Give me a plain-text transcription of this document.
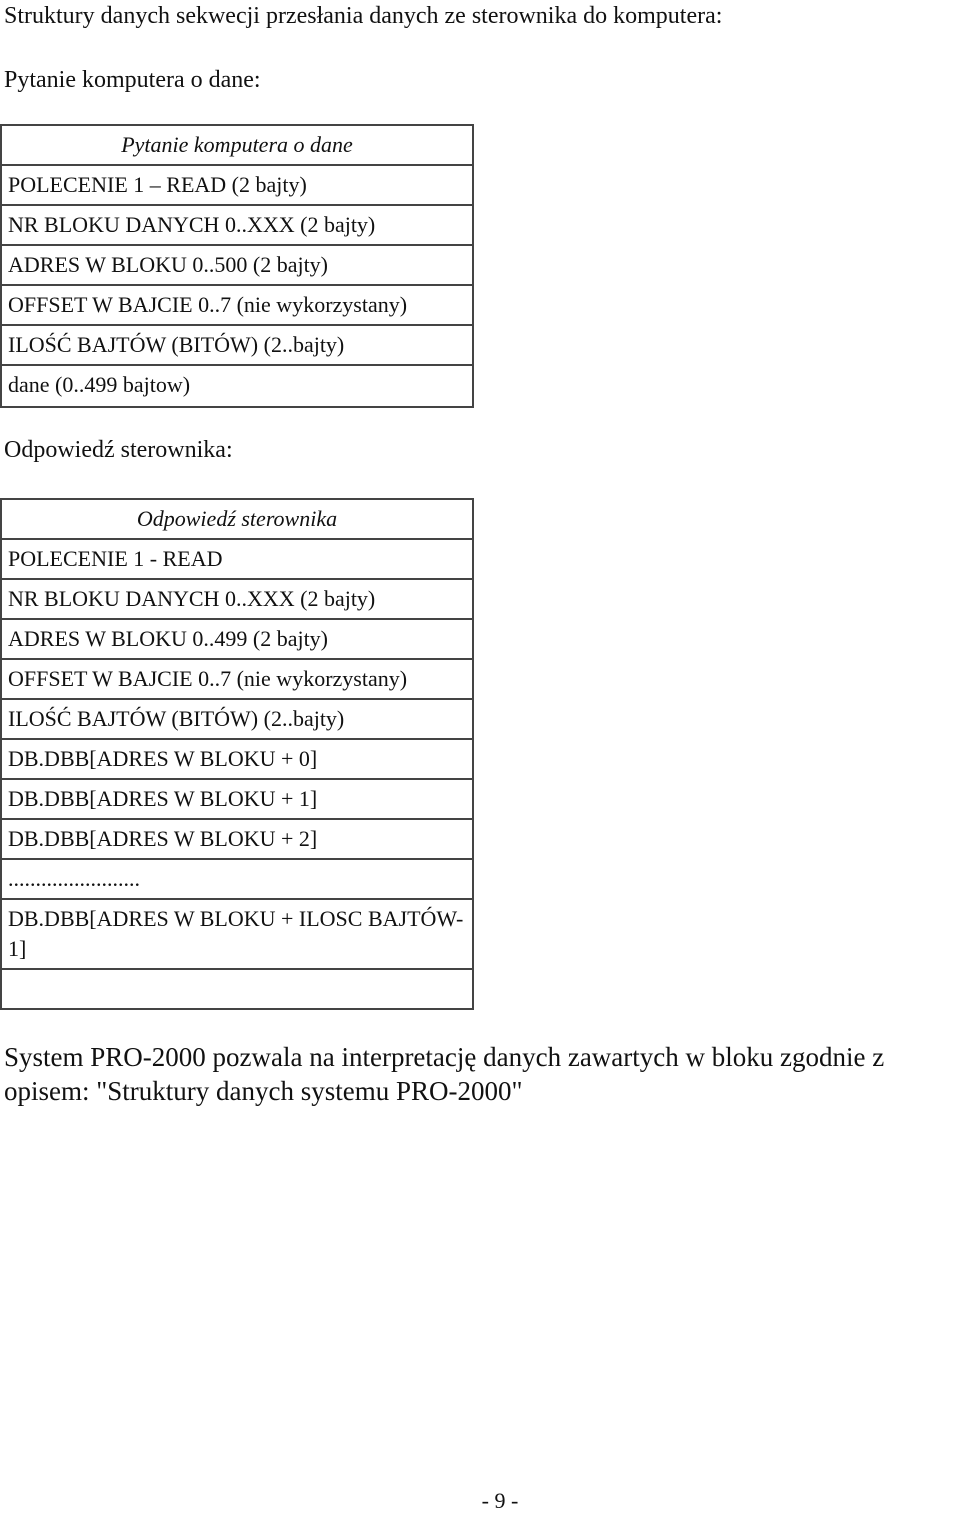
Struktury danych sekwecji przesłania danych ze sterownika do komputera:
Pytanie komputera o dane:
Pytanie komputera o dane
POLECENIE 1 – READ (2 bajty)
NR BLOKU DANYCH 0..XXX (2 bajty)
ADRES W BLOKU 0..500 (2 bajty)
OFFSET W BAJCIE 0..7 (nie wykorzystany)
ILOŚĆ BAJTÓW (BITÓW) (2..bajty)
dane (0..499 bajtow)
Odpowiedź sterownika:
Odpowiedź sterownika
POLECENIE 1 - READ
NR BLOKU DANYCH 0..XXX (2 bajty)
ADRES W BLOKU 0..499 (2 bajty)
OFFSET W BAJCIE 0..7 (nie wykorzystany)
ILOŚĆ BAJTÓW (BITÓW) (2..bajty)
DB.DBB[ADRES W BLOKU + 0]
DB.DBB[ADRES W BLOKU + 1]
DB.DBB[ADRES W BLOKU + 2]
........................
DB.DBB[ADRES W BLOKU + ILOSC BAJTÓW-1]
System PRO-2000 pozwala na interpretację danych zawartych w bloku zgodnie z opisem: "Struktury danych systemu PRO-2000"
- 9 -
